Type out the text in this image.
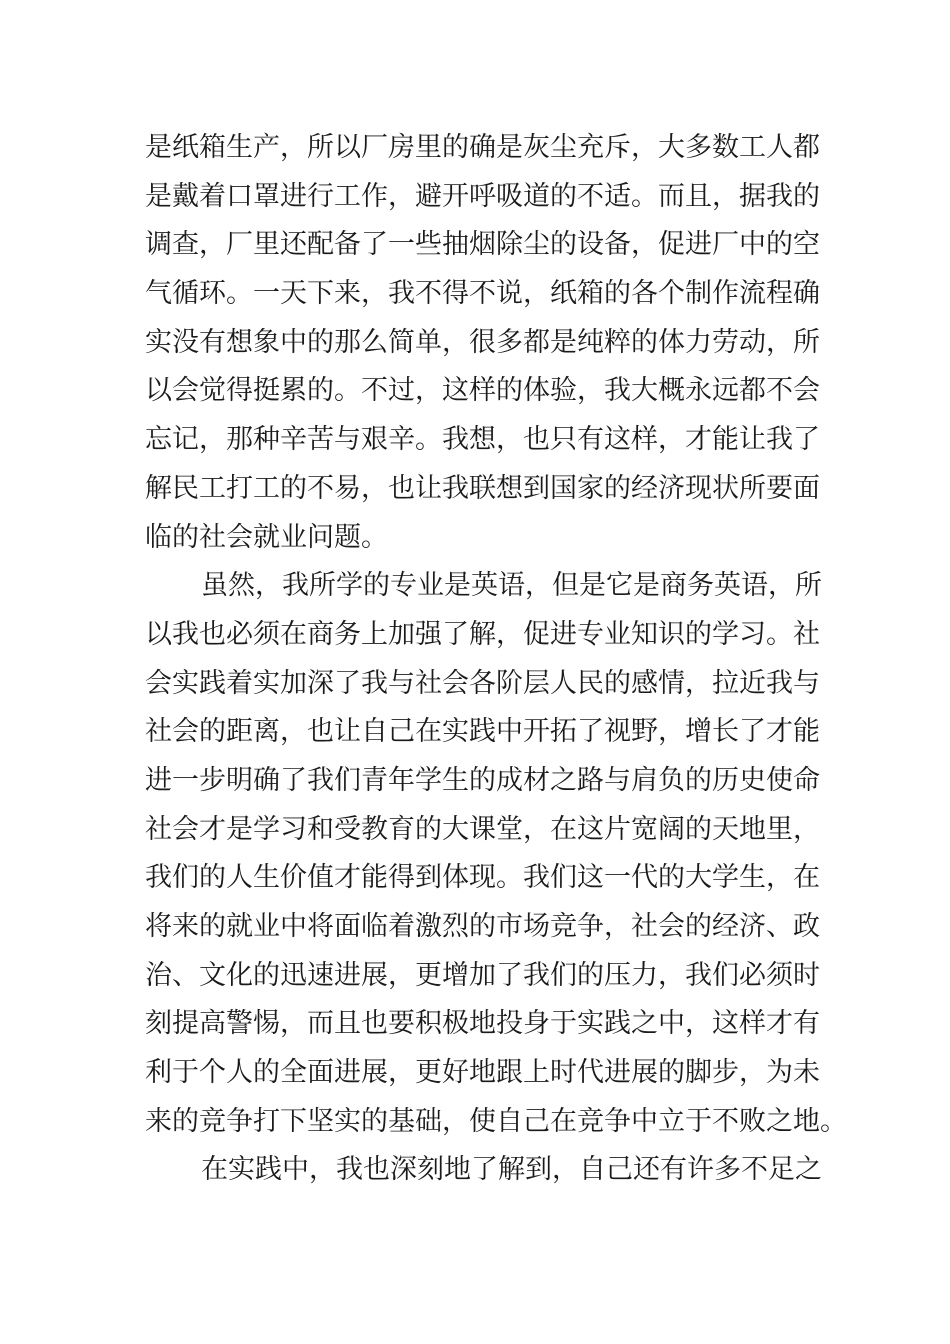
是纸箱生产，所以厂房里的确是灰尘充斥，大多数工人都
是戴着口罩进行工作，避开呼吸道的不适。而且，据我的
调查，厂里还配备了一些抽烟除尘的设备，促进厂中的空
气循环。一天下来，我不得不说，纸箱的各个制作流程确
实没有想象中的那么简单，很多都是纯粹的体力劳动，所
以会觉得挺累的。不过，这样的体验，我大概永远都不会
忘记，那种辛苦与艰辛。我想，也只有这样，才能让我了
解民工打工的不易，也让我联想到国家的经济现状所要面
临的社会就业问题。
虽然，我所学的专业是英语，但是它是商务英语，所
以我也必须在商务上加强了解，促进专业知识的学习。社
会实践着实加深了我与社会各阶层人民的感情，拉近我与
社会的距离，也让自己在实践中开拓了视野，增长了才能
进一步明确了我们青年学生的成材之路与肩负的历史使命
社会才是学习和受教育的大课堂，在这片宽阔的天地里，
我们的人生价值才能得到体现。我们这一代的大学生，在
将来的就业中将面临着激烈的市场竞争，社会的经济、政
治、文化的迅速进展，更增加了我们的压力，我们必须时
刻提高警惕，而且也要积极地投身于实践之中，这样才有
利于个人的全面进展，更好地跟上时代进展的脚步，为未
来的竞争打下坚实的基础，使自己在竞争中立于不败之地。
在实践中，我也深刻地了解到，自己还有许多不足之
